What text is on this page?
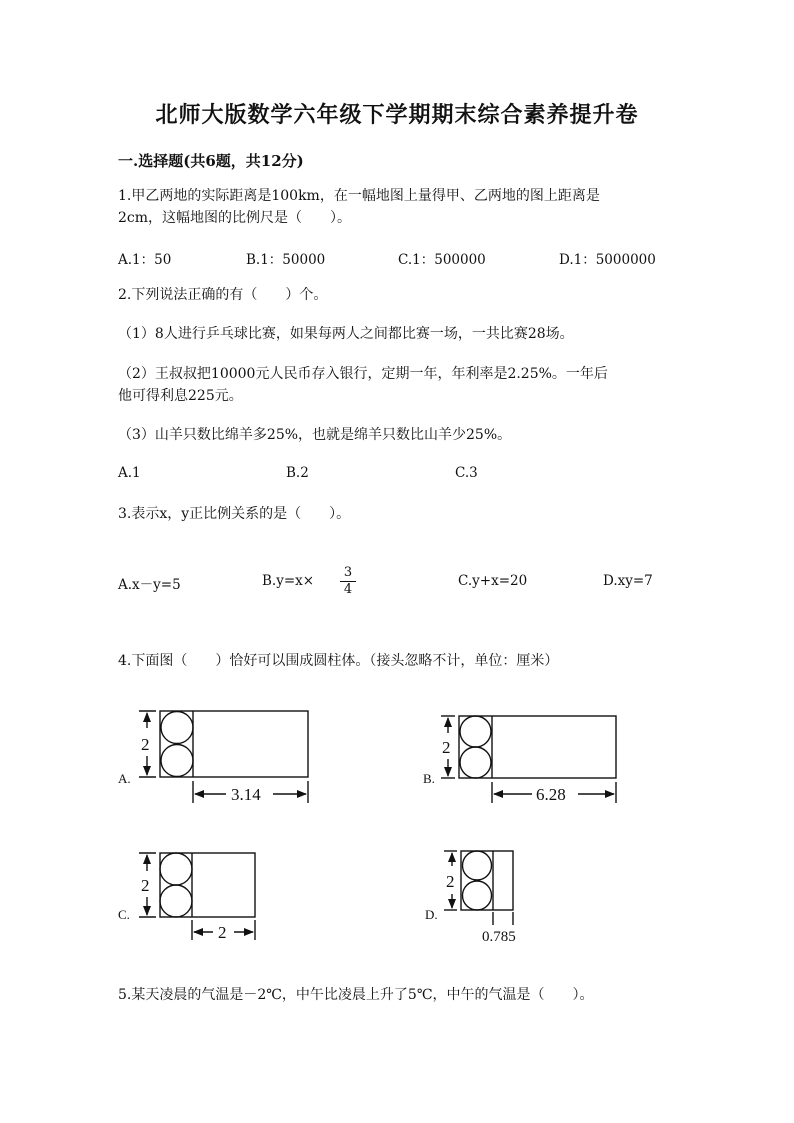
北师大版数学六年级下学期期末综合素养提升卷
一.选择题(共6题，共12分)
1.甲乙两地的实际距离是100km，在一幅地图上量得甲、乙两地的图上距离是
2cm，这幅地图的比例尺是（　　）。
A.1：50	B.1：50000	C.1：500000	D.1：5000000
2.下列说法正确的有（　　）个。
（1）8人进行乒乓球比赛，如果每两人之间都比赛一场，一共比赛28场。
（2）王叔叔把10000元人民币存入银行，定期一年，年利率是2.25%。一年后
他可得利息225元。
（3）山羊只数比绵羊多25%，也就是绵羊只数比山羊少25%。
A.1	B.2	C.3
3.表示x，y正比例关系的是（　　）。
A.x－y=5	$B.y=x\times \frac{3}{4}$	C.y+x=20	D.xy=7
4.下面图（　　）恰好可以围成圆柱体。（接头忽略不计，单位：厘米）
A.
2
3.14
B.
2
6.28
C.
2
2
D.
2
0.785
5.某天凌晨的气温是－2℃，中午比凌晨上升了5℃，中午的气温是（　　）。
